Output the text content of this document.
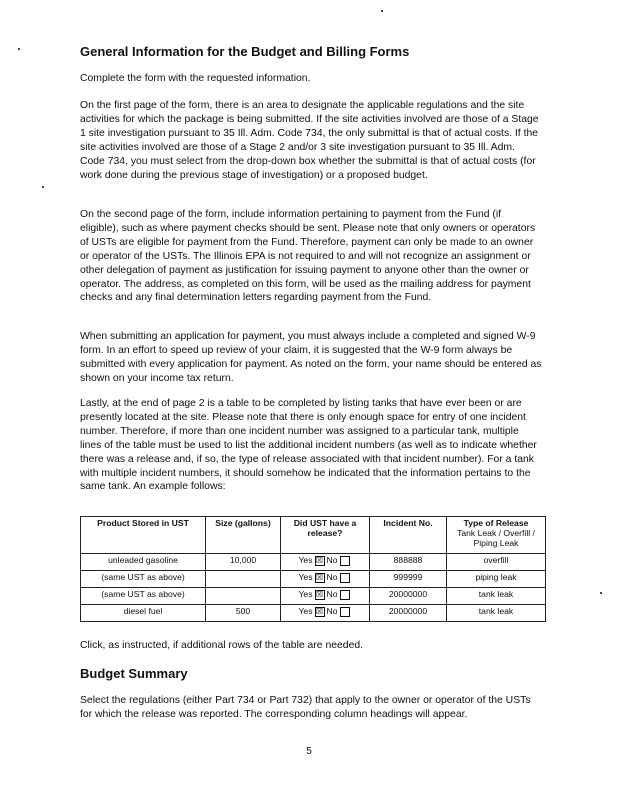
General Information for the Budget and Billing Forms

Complete the form with the requested information.

On the first page of the form, there is an area to designate the applicable regulations and the site activities for which the package is being submitted. If the site activities involved are those of a Stage 1 site investigation pursuant to 35 Ill. Adm. Code 734, the only submittal is that of actual costs. If the site activities involved are those of a Stage 2 and/or 3 site investigation pursuant to 35 Ill. Adm. Code 734, you must select from the drop-down box whether the submittal is that of actual costs (for work done during the previous stage of investigation) or a proposed budget.

On the second page of the form, include information pertaining to payment from the Fund (if eligible), such as where payment checks should be sent. Please note that only owners or operators of USTs are eligible for payment from the Fund. Therefore, payment can only be made to an owner or operator of the USTs. The Illinois EPA is not required to and will not recognize an assignment or other delegation of payment as justification for issuing payment to anyone other than the owner or operator. The address, as completed on this form, will be used as the mailing address for payment checks and any final determination letters regarding payment from the Fund.

When submitting an application for payment, you must always include a completed and signed W-9 form. In an effort to speed up review of your claim, it is suggested that the W-9 form always be submitted with every application for payment. As noted on the form, your name should be entered as shown on your income tax return.

Lastly, at the end of page 2 is a table to be completed by listing tanks that have ever been or are presently located at the site. Please note that there is only enough space for entry of one incident number. Therefore, if more than one incident number was assigned to a particular tank, multiple lines of the table must be used to list the additional incident numbers (as well as to indicate whether there was a release and, if so, the type of release associated with that incident number). For a tank with multiple incident numbers, it should somehow be indicated that the information pertains to the same tank. An example follows:

Product Stored in UST	Size (gallons)	Did UST have a release?	Incident No.	Type of Release
Tank Leak / Overfill / Piping Leak

unleaded gasoline	10,000	Yes ☒ No	888888	overfill
(same UST as above)		Yes ☒ No	999999	piping leak
(same UST as above)		Yes ☒ No	20000000	tank leak
diesel fuel	500	Yes ☒ No	20000000	tank leak

Click, as instructed, if additional rows of the table are needed.

Budget Summary

Select the regulations (either Part 734 or Part 732) that apply to the owner or operator of the USTs for which the release was reported. The corresponding column headings will appear.

5
